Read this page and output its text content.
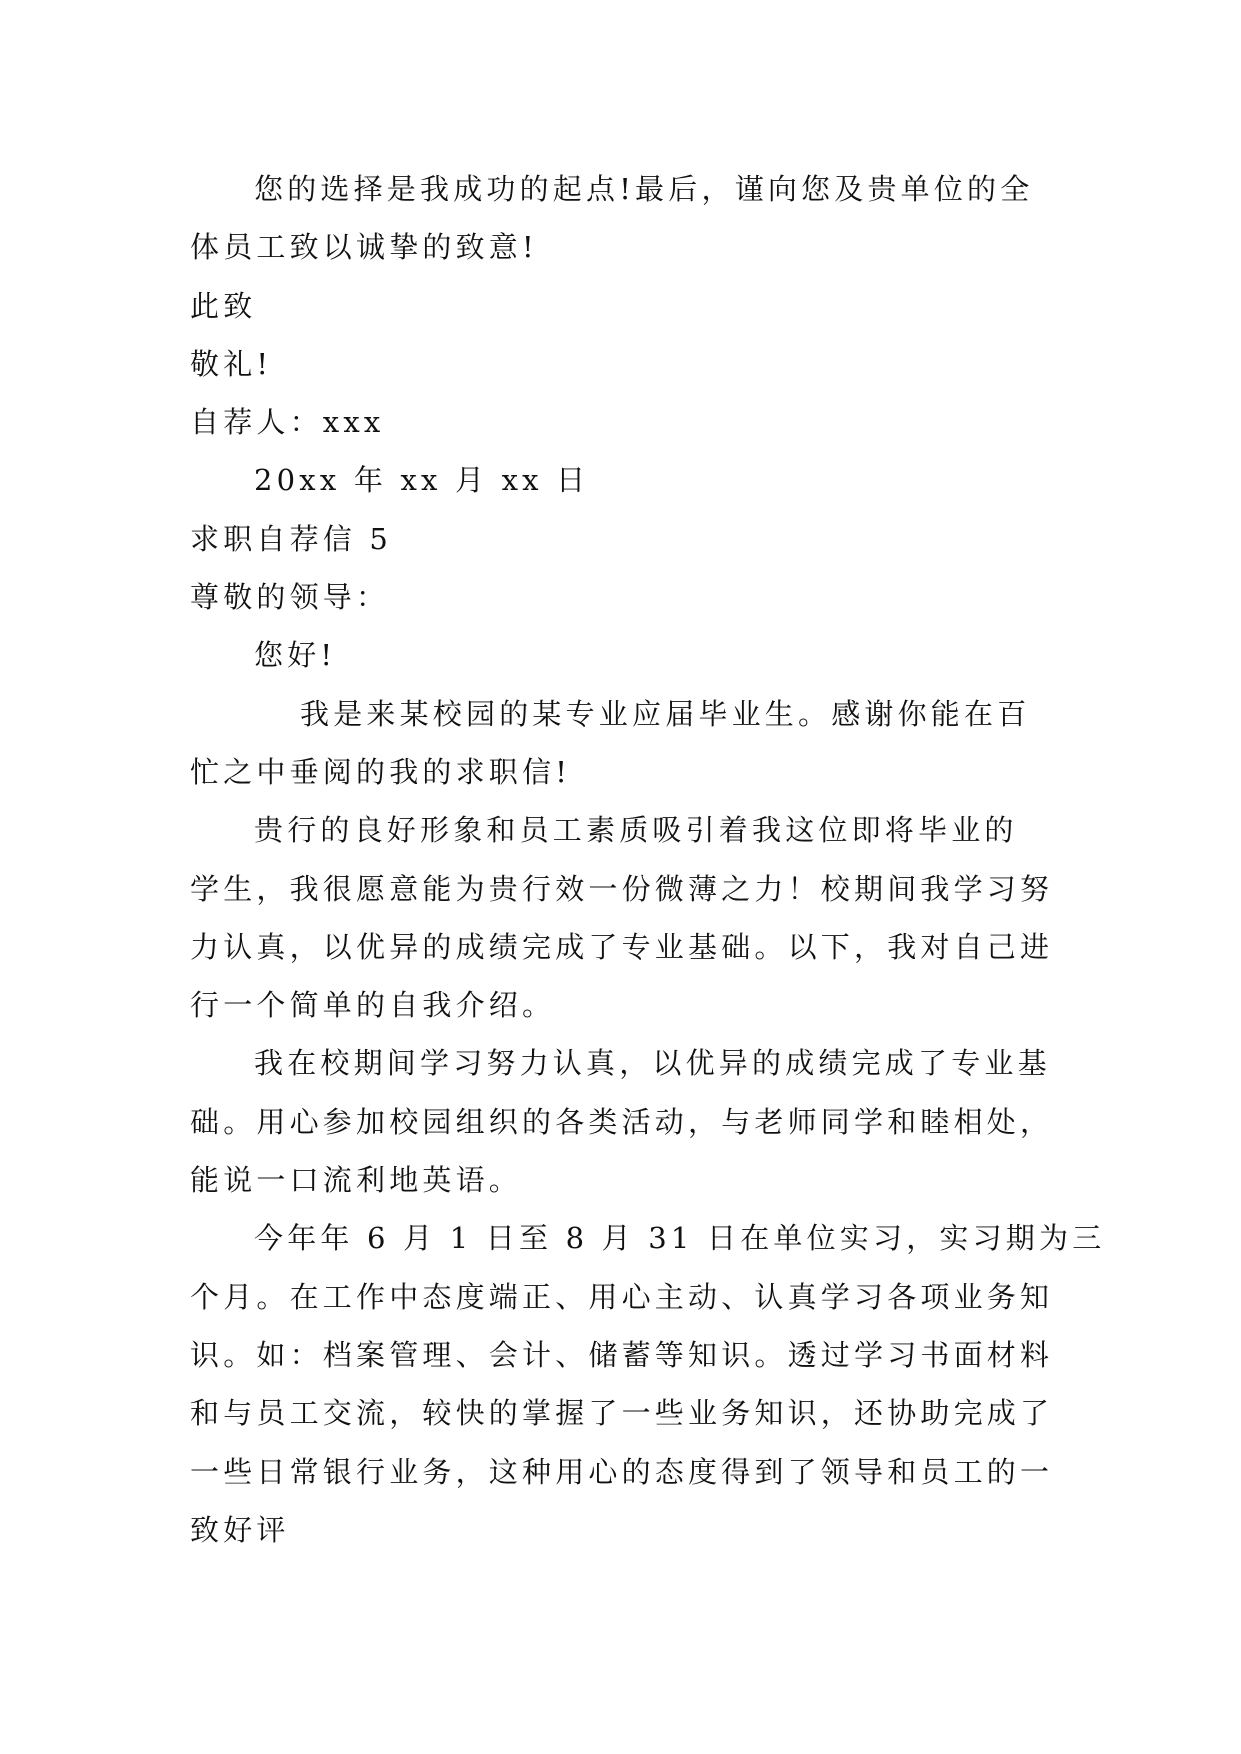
您的选择是我成功的起点!最后，谨向您及贵单位的全
体员工致以诚挚的致意!
此致
敬礼!
自荐人：xxx
20xx 年 xx 月 xx 日
求职自荐信 5
尊敬的领导：
您好!
我是来某校园的某专业应届毕业生。感谢你能在百
忙之中垂阅的我的求职信!
贵行的良好形象和员工素质吸引着我这位即将毕业的
学生，我很愿意能为贵行效一份微薄之力！校期间我学习努
力认真，以优异的成绩完成了专业基础。以下，我对自己进
行一个简单的自我介绍。
我在校期间学习努力认真，以优异的成绩完成了专业基
础。用心参加校园组织的各类活动，与老师同学和睦相处，
能说一口流利地英语。
今年年 6 月 1 日至 8 月 31 日在单位实习，实习期为三
个月。在工作中态度端正、用心主动、认真学习各项业务知
识。如：档案管理、会计、储蓄等知识。透过学习书面材料
和与员工交流，较快的掌握了一些业务知识，还协助完成了
一些日常银行业务，这种用心的态度得到了领导和员工的一
致好评
